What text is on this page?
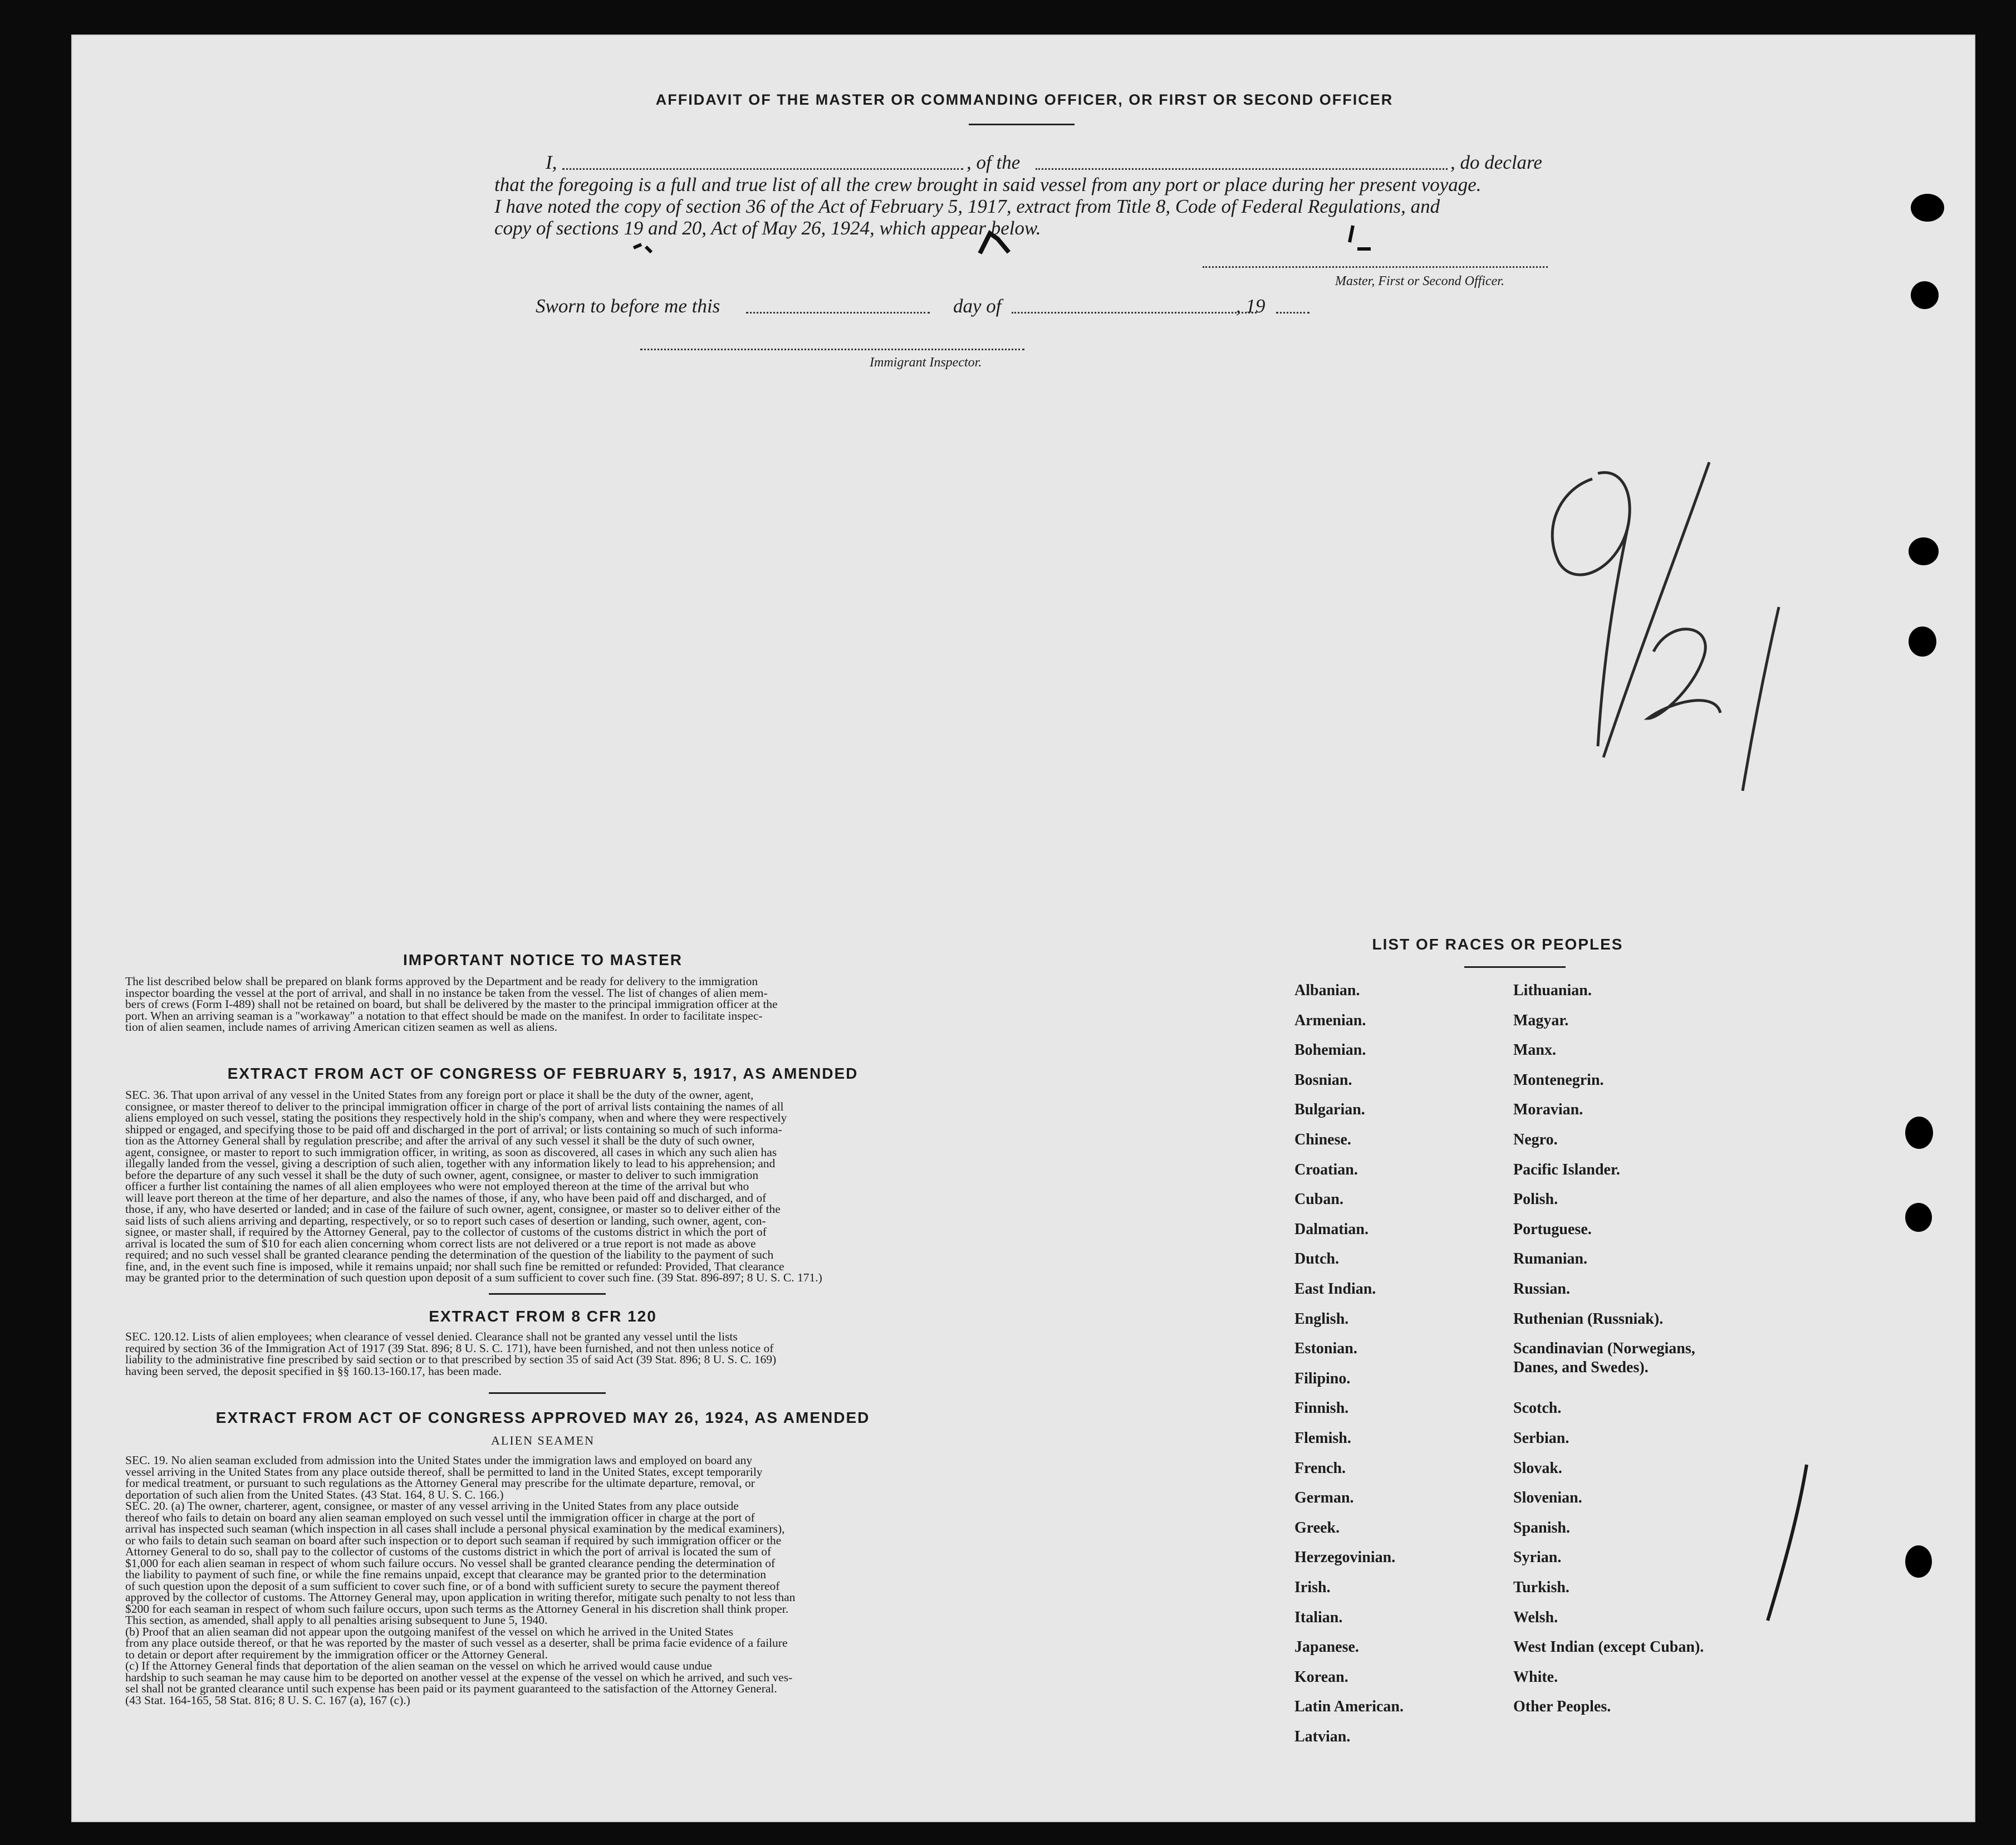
AFFIDAVIT OF THE MASTER OR COMMANDING OFFICER, OR FIRST OR SECOND OFFICER
I,	, of the	, do declare
that the foregoing is a full and true list of all the crew brought in said vessel from any port or place during her present voyage.
I have noted the copy of section 36 of the Act of February 5, 1917, extract from Title 8, Code of Federal Regulations, and
copy of sections 19 and 20, Act of May 26, 1924, which appear below.
Master, First or Second Officer.
Sworn to before me this	day of	, 19
Immigrant Inspector.
IMPORTANT NOTICE TO MASTER
The list described below shall be prepared on blank forms approved by the Department and be ready for delivery to the immigration
inspector boarding the vessel at the port of arrival, and shall in no instance be taken from the vessel. The list of changes of alien mem-
bers of crews (Form I-489) shall not be retained on board, but shall be delivered by the master to the principal immigration officer at the
port. When an arriving seaman is a "workaway" a notation to that effect should be made on the manifest. In order to facilitate inspec-
tion of alien seamen, include names of arriving American citizen seamen as well as aliens.
EXTRACT FROM ACT OF CONGRESS OF FEBRUARY 5, 1917, AS AMENDED
SEC. 36. That upon arrival of any vessel in the United States from any foreign port or place it shall be the duty of the owner, agent,
consignee, or master thereof to deliver to the principal immigration officer in charge of the port of arrival lists containing the names of all
aliens employed on such vessel, stating the positions they respectively hold in the ship's company, when and where they were respectively
shipped or engaged, and specifying those to be paid off and discharged in the port of arrival; or lists containing so much of such informa-
tion as the Attorney General shall by regulation prescribe; and after the arrival of any such vessel it shall be the duty of such owner,
agent, consignee, or master to report to such immigration officer, in writing, as soon as discovered, all cases in which any such alien has
illegally landed from the vessel, giving a description of such alien, together with any information likely to lead to his apprehension; and
before the departure of any such vessel it shall be the duty of such owner, agent, consignee, or master to deliver to such immigration
officer a further list containing the names of all alien employees who were not employed thereon at the time of the arrival but who
will leave port thereon at the time of her departure, and also the names of those, if any, who have been paid off and discharged, and of
those, if any, who have deserted or landed; and in case of the failure of such owner, agent, consignee, or master so to deliver either of the
said lists of such aliens arriving and departing, respectively, or so to report such cases of desertion or landing, such owner, agent, con-
signee, or master shall, if required by the Attorney General, pay to the collector of customs of the customs district in which the port of
arrival is located the sum of $10 for each alien concerning whom correct lists are not delivered or a true report is not made as above
required; and no such vessel shall be granted clearance pending the determination of the question of the liability to the payment of such
fine, and, in the event such fine is imposed, while it remains unpaid; nor shall such fine be remitted or refunded: Provided, That clearance
may be granted prior to the determination of such question upon deposit of a sum sufficient to cover such fine. (39 Stat. 896-897; 8 U. S. C. 171.)
EXTRACT FROM 8 CFR 120
SEC. 120.12. Lists of alien employees; when clearance of vessel denied. Clearance shall not be granted any vessel until the lists
required by section 36 of the Immigration Act of 1917 (39 Stat. 896; 8 U. S. C. 171), have been furnished, and not then unless notice of
liability to the administrative fine prescribed by said section or to that prescribed by section 35 of said Act (39 Stat. 896; 8 U. S. C. 169)
having been served, the deposit specified in §§ 160.13-160.17, has been made.
EXTRACT FROM ACT OF CONGRESS APPROVED MAY 26, 1924, AS AMENDED
ALIEN SEAMEN
SEC. 19. No alien seaman excluded from admission into the United States under the immigration laws and employed on board any
vessel arriving in the United States from any place outside thereof, shall be permitted to land in the United States, except temporarily
for medical treatment, or pursuant to such regulations as the Attorney General may prescribe for the ultimate departure, removal, or
deportation of such alien from the United States. (43 Stat. 164, 8 U. S. C. 166.)
SEC. 20. (a) The owner, charterer, agent, consignee, or master of any vessel arriving in the United States from any place outside
thereof who fails to detain on board any alien seaman employed on such vessel until the immigration officer in charge at the port of
arrival has inspected such seaman (which inspection in all cases shall include a personal physical examination by the medical examiners),
or who fails to detain such seaman on board after such inspection or to deport such seaman if required by such immigration officer or the
Attorney General to do so, shall pay to the collector of customs of the customs district in which the port of arrival is located the sum of
$1,000 for each alien seaman in respect of whom such failure occurs. No vessel shall be granted clearance pending the determination of
the liability to payment of such fine, or while the fine remains unpaid, except that clearance may be granted prior to the determination
of such question upon the deposit of a sum sufficient to cover such fine, or of a bond with sufficient surety to secure the payment thereof
approved by the collector of customs. The Attorney General may, upon application in writing therefor, mitigate such penalty to not less than
$200 for each seaman in respect of whom such failure occurs, upon such terms as the Attorney General in his discretion shall think proper.
This section, as amended, shall apply to all penalties arising subsequent to June 5, 1940.
(b) Proof that an alien seaman did not appear upon the outgoing manifest of the vessel on which he arrived in the United States
from any place outside thereof, or that he was reported by the master of such vessel as a deserter, shall be prima facie evidence of a failure
to detain or deport after requirement by the immigration officer or the Attorney General.
(c) If the Attorney General finds that deportation of the alien seaman on the vessel on which he arrived would cause undue
hardship to such seaman he may cause him to be deported on another vessel at the expense of the vessel on which he arrived, and such ves-
sel shall not be granted clearance until such expense has been paid or its payment guaranteed to the satisfaction of the Attorney General.
(43 Stat. 164-165, 58 Stat. 816; 8 U. S. C. 167 (a), 167 (c).)
LIST OF RACES OR PEOPLES
Albanian.
Armenian.
Bohemian.
Bosnian.
Bulgarian.
Chinese.
Croatian.
Cuban.
Dalmatian.
Dutch.
East Indian.
English.
Estonian.
Filipino.
Finnish.
Flemish.
French.
German.
Greek.
Herzegovinian.
Irish.
Italian.
Japanese.
Korean.
Latin American.
Latvian.
Lithuanian.
Magyar.
Manx.
Montenegrin.
Moravian.
Negro.
Pacific Islander.
Polish.
Portuguese.
Rumanian.
Russian.
Ruthenian (Russniak).
Scandinavian (Norwegians,
Danes, and Swedes).
Scotch.
Serbian.
Slovak.
Slovenian.
Spanish.
Syrian.
Turkish.
Welsh.
West Indian (except Cuban).
White.
Other Peoples.
